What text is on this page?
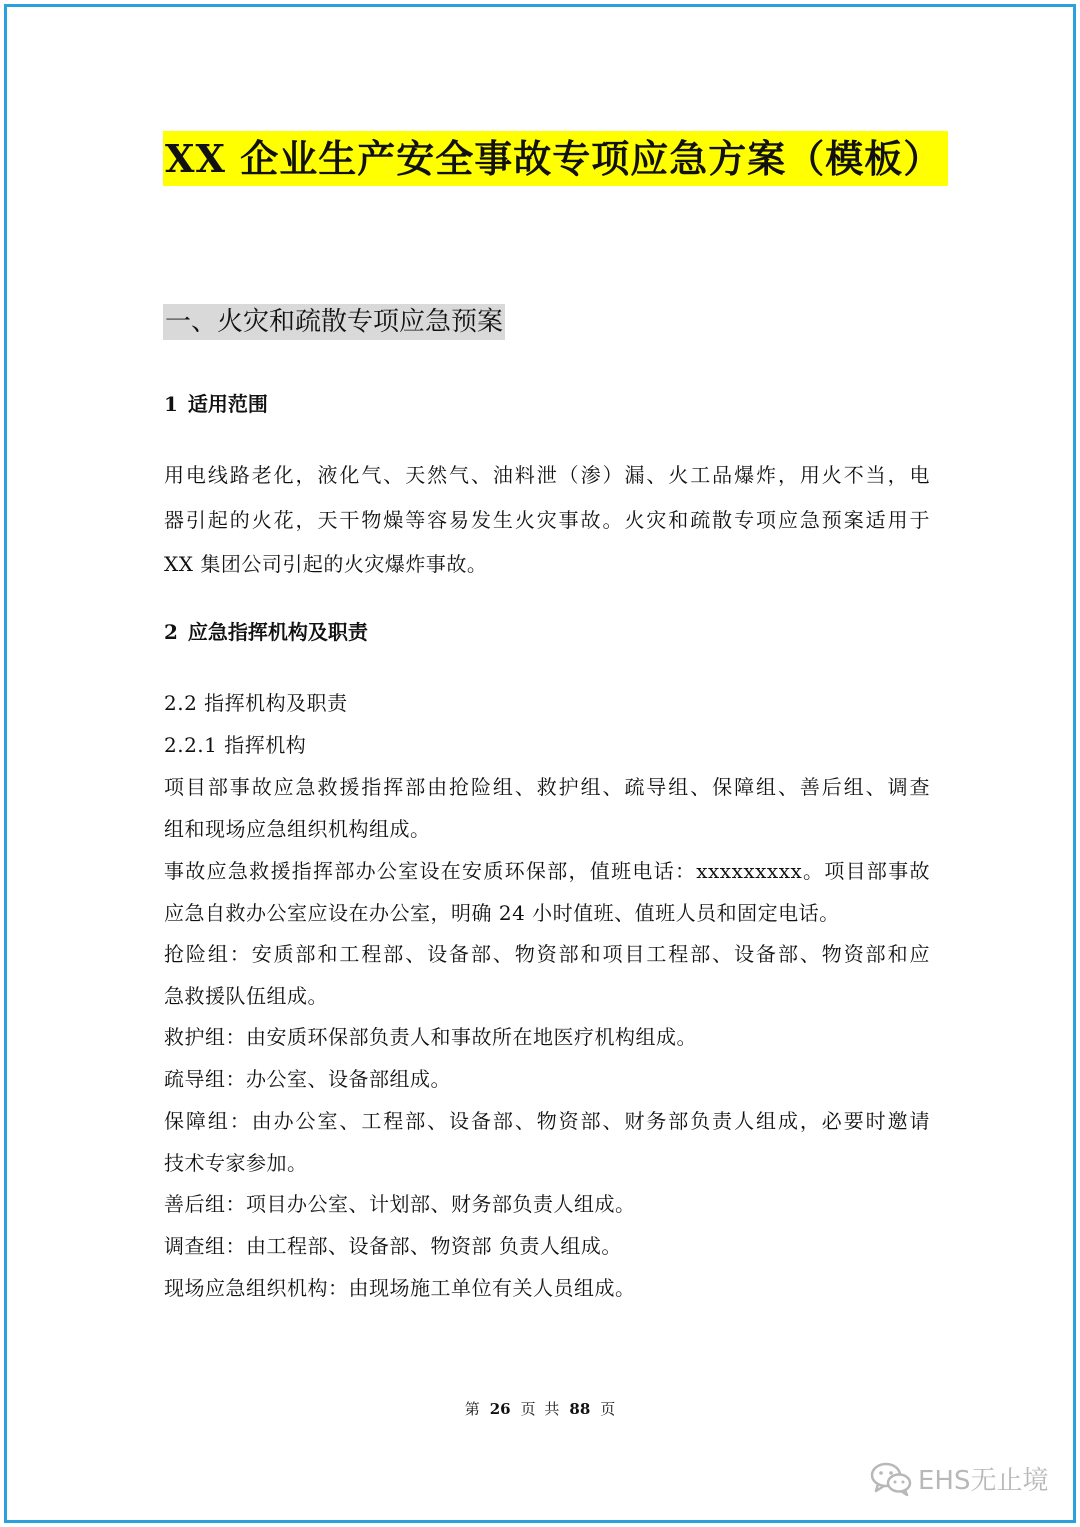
XX 企业生产安全事故专项应急方案（模板）
一、火灾和疏散专项应急预案
1 适用范围
用电线路老化，液化气、天然气、油料泄（渗）漏、火工品爆炸，用火不当，电
器引起的火花，天干物燥等容易发生火灾事故。火灾和疏散专项应急预案适用于
XX 集团公司引起的火灾爆炸事故。
2 应急指挥机构及职责
2.2 指挥机构及职责
2.2.1 指挥机构
项目部事故应急救援指挥部由抢险组、救护组、疏导组、保障组、善后组、调查
组和现场应急组织机构组成。
事故应急救援指挥部办公室设在安质环保部，值班电话：xxxxxxxxx。项目部事故
应急自救办公室应设在办公室，明确 24 小时值班、值班人员和固定电话。
抢险组：安质部和工程部、设备部、物资部和项目工程部、设备部、物资部和应
急救援队伍组成。
救护组：由安质环保部负责人和事故所在地医疗机构组成。
疏导组：办公室、设备部组成。
保障组：由办公室、工程部、设备部、物资部、财务部负责人组成，必要时邀请
技术专家参加。
善后组：项目办公室、计划部、财务部负责人组成。
调查组：由工程部、设备部、物资部 负责人组成。
现场应急组织机构：由现场施工单位有关人员组成。
第 26 页 共 88 页
EHS无止境
